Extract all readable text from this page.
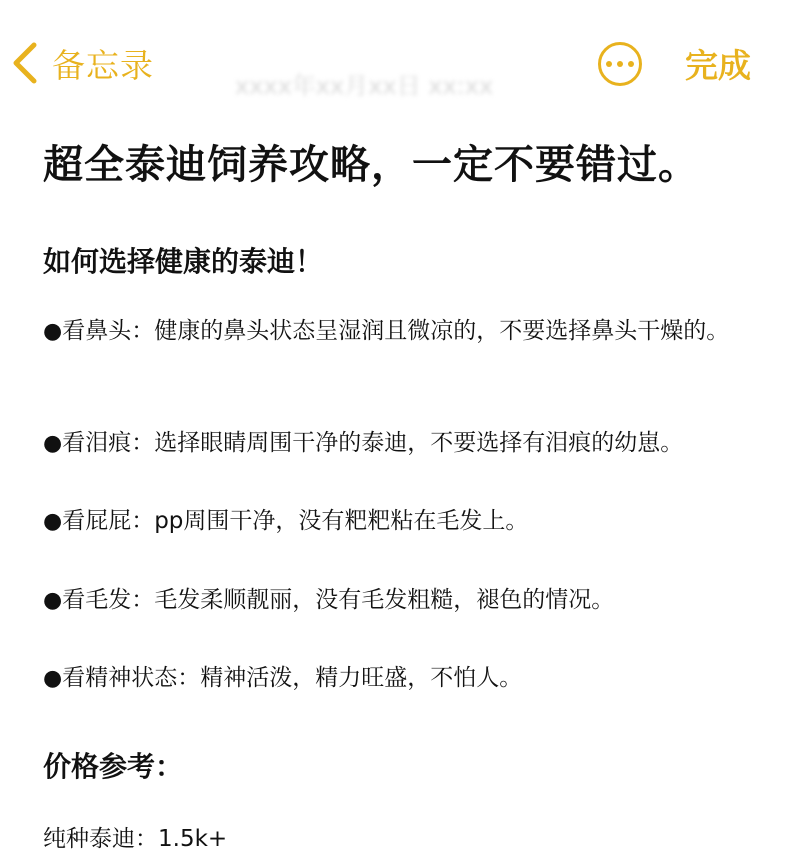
备忘录
xxxx年xx月xx日 xx:xx
完成
超全泰迪饲养攻略，一定不要错过。
如何选择健康的泰迪！
●看鼻头：健康的鼻头状态呈湿润且微凉的，不要选择鼻头干燥的。
●看泪痕：选择眼睛周围干净的泰迪，不要选择有泪痕的幼崽。
●看屁屁：pp周围干净，没有粑粑粘在毛发上。
●看毛发：毛发柔顺靓丽，没有毛发粗糙，褪色的情况。
●看精神状态：精神活泼，精力旺盛，不怕人。
价格参考：
纯种泰迪：1.5k+
